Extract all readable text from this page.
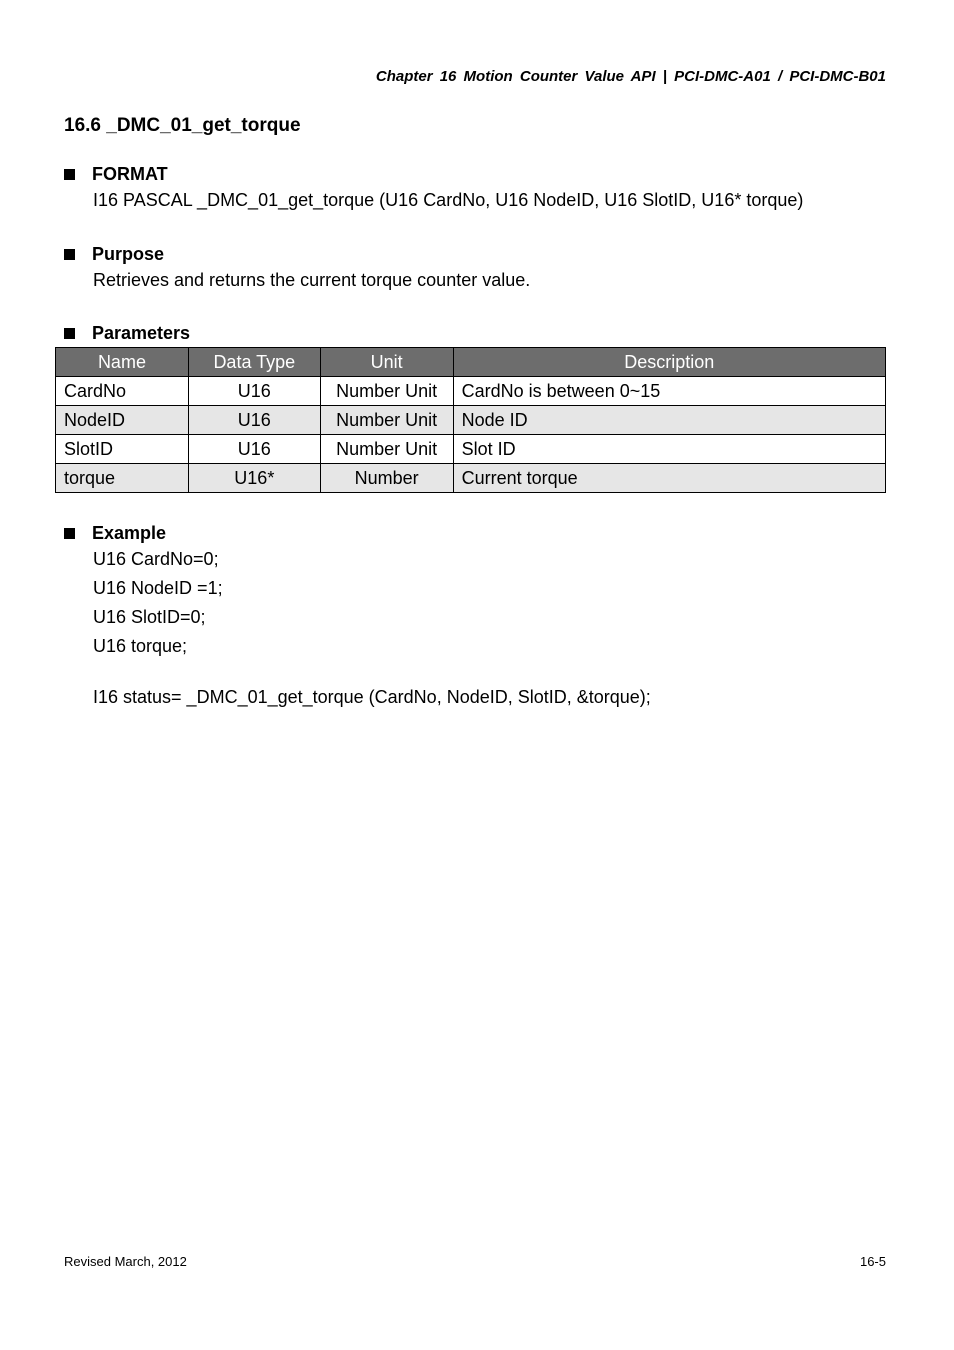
Chapter 16 Motion Counter Value API | PCI-DMC-A01 / PCI-DMC-B01
16.6 _DMC_01_get_torque
FORMAT
I16 PASCAL _DMC_01_get_torque (U16 CardNo, U16 NodeID, U16 SlotID, U16* torque)
Purpose
Retrieves and returns the current torque counter value.
Parameters
Name	Data Type	Unit	Description
CardNo	U16	Number Unit	CardNo is between 0~15
NodeID	U16	Number Unit	Node ID
SlotID	U16	Number Unit	Slot ID
torque	U16*	Number	Current torque
Example
U16 CardNo=0;
U16 NodeID =1;
U16 SlotID=0;
U16 torque;
I16 status= _DMC_01_get_torque (CardNo, NodeID, SlotID, &torque);
Revised March, 2012	16-5
